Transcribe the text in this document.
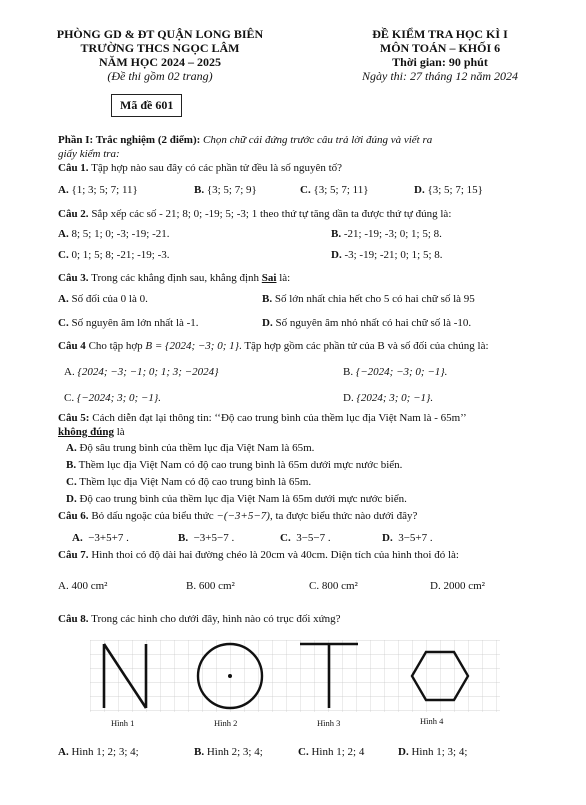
PHÒNG GD & ĐT QUẬN LONG BIÊN
TRƯỜNG THCS NGỌC LÂM
NĂM HỌC 2024 – 2025
(Đề thi gồm 02 trang)
ĐỀ KIỂM TRA HỌC KÌ I
MÔN TOÁN – KHỐI 6
Thời gian: 90 phút
Ngày thi: 27 tháng 12 năm 2024
Mã đề 601
Phần I: Trắc nghiệm (2 điểm): Chọn chữ cái đứng trước câu trả lời đúng và viết ra
giấy kiểm tra:
Câu 1. Tập hợp nào sau đây có các phần tử đều là số nguyên tố?
A. {1; 3; 5; 7; 11}	B. {3; 5; 7; 9}	C. {3; 5; 7; 11}	D. {3; 5; 7; 15}
Câu 2. Sắp xếp các số - 21; 8; 0; -19; 5; -3; 1 theo thứ tự tăng dần ta được thứ tự đúng là:
A. 8; 5; 1; 0; -3; -19; -21.	B. -21; -19; -3; 0; 1; 5; 8.
C. 0; 1; 5; 8; -21; -19; -3.	D. -3; -19; -21; 0; 1; 5; 8.
Câu 3. Trong các khẳng định sau, khẳng định Sai là:
A. Số đối của 0 là 0.	B. Số lớn nhất chia hết cho 5 có hai chữ số là 95
C. Số nguyên âm lớn nhất là -1.	D. Số nguyên âm nhỏ nhất có hai chữ số là -10.
Câu 4 Cho tập hợp B = {2024; −3; 0; 1}. Tập hợp gồm các phần tử của B và số đối của chúng là:
A. {2024; −3; −1; 0; 1; 3; −2024}	B. {−2024; −3; 0; −1}.
C. {−2024; 3; 0; −1}.	D. {2024; 3; 0; −1}.
Câu 5: Cách diễn đạt lại thông tin: ‘‘Độ cao trung bình của thềm lục địa Việt Nam là - 65m’’
không đúng là
A. Độ sâu trung bình của thềm lục địa Việt Nam là 65m.
B. Thềm lục địa Việt Nam có độ cao trung bình là 65m dưới mực nước biển.
C. Thềm lục địa Việt Nam có độ cao trung bình là 65m.
D. Độ cao trung bình của thềm lục địa Việt Nam là 65m dưới mực nước biển.
Câu 6. Bỏ dấu ngoặc của biểu thức −(−3+5−7), ta được biểu thức nào dưới đây?
A. −3+5+7 .	B. −3+5−7 .	C. 3−5−7 .	D. 3−5+7 .
Câu 7. Hình thoi có độ dài hai đường chéo là 20cm và 40cm. Diện tích của hình thoi đó là:
A. 400 cm²	B. 600 cm²	C. 800 cm²	D. 2000 cm²
Câu 8. Trong các hình cho dưới đây, hình nào có trục đối xứng?
Hình 1	Hình 2	Hình 3	Hình 4
A. Hình 1; 2; 3; 4;	B. Hình 2; 3; 4;	C. Hình 1; 2; 4	D. Hình 1; 3; 4;
